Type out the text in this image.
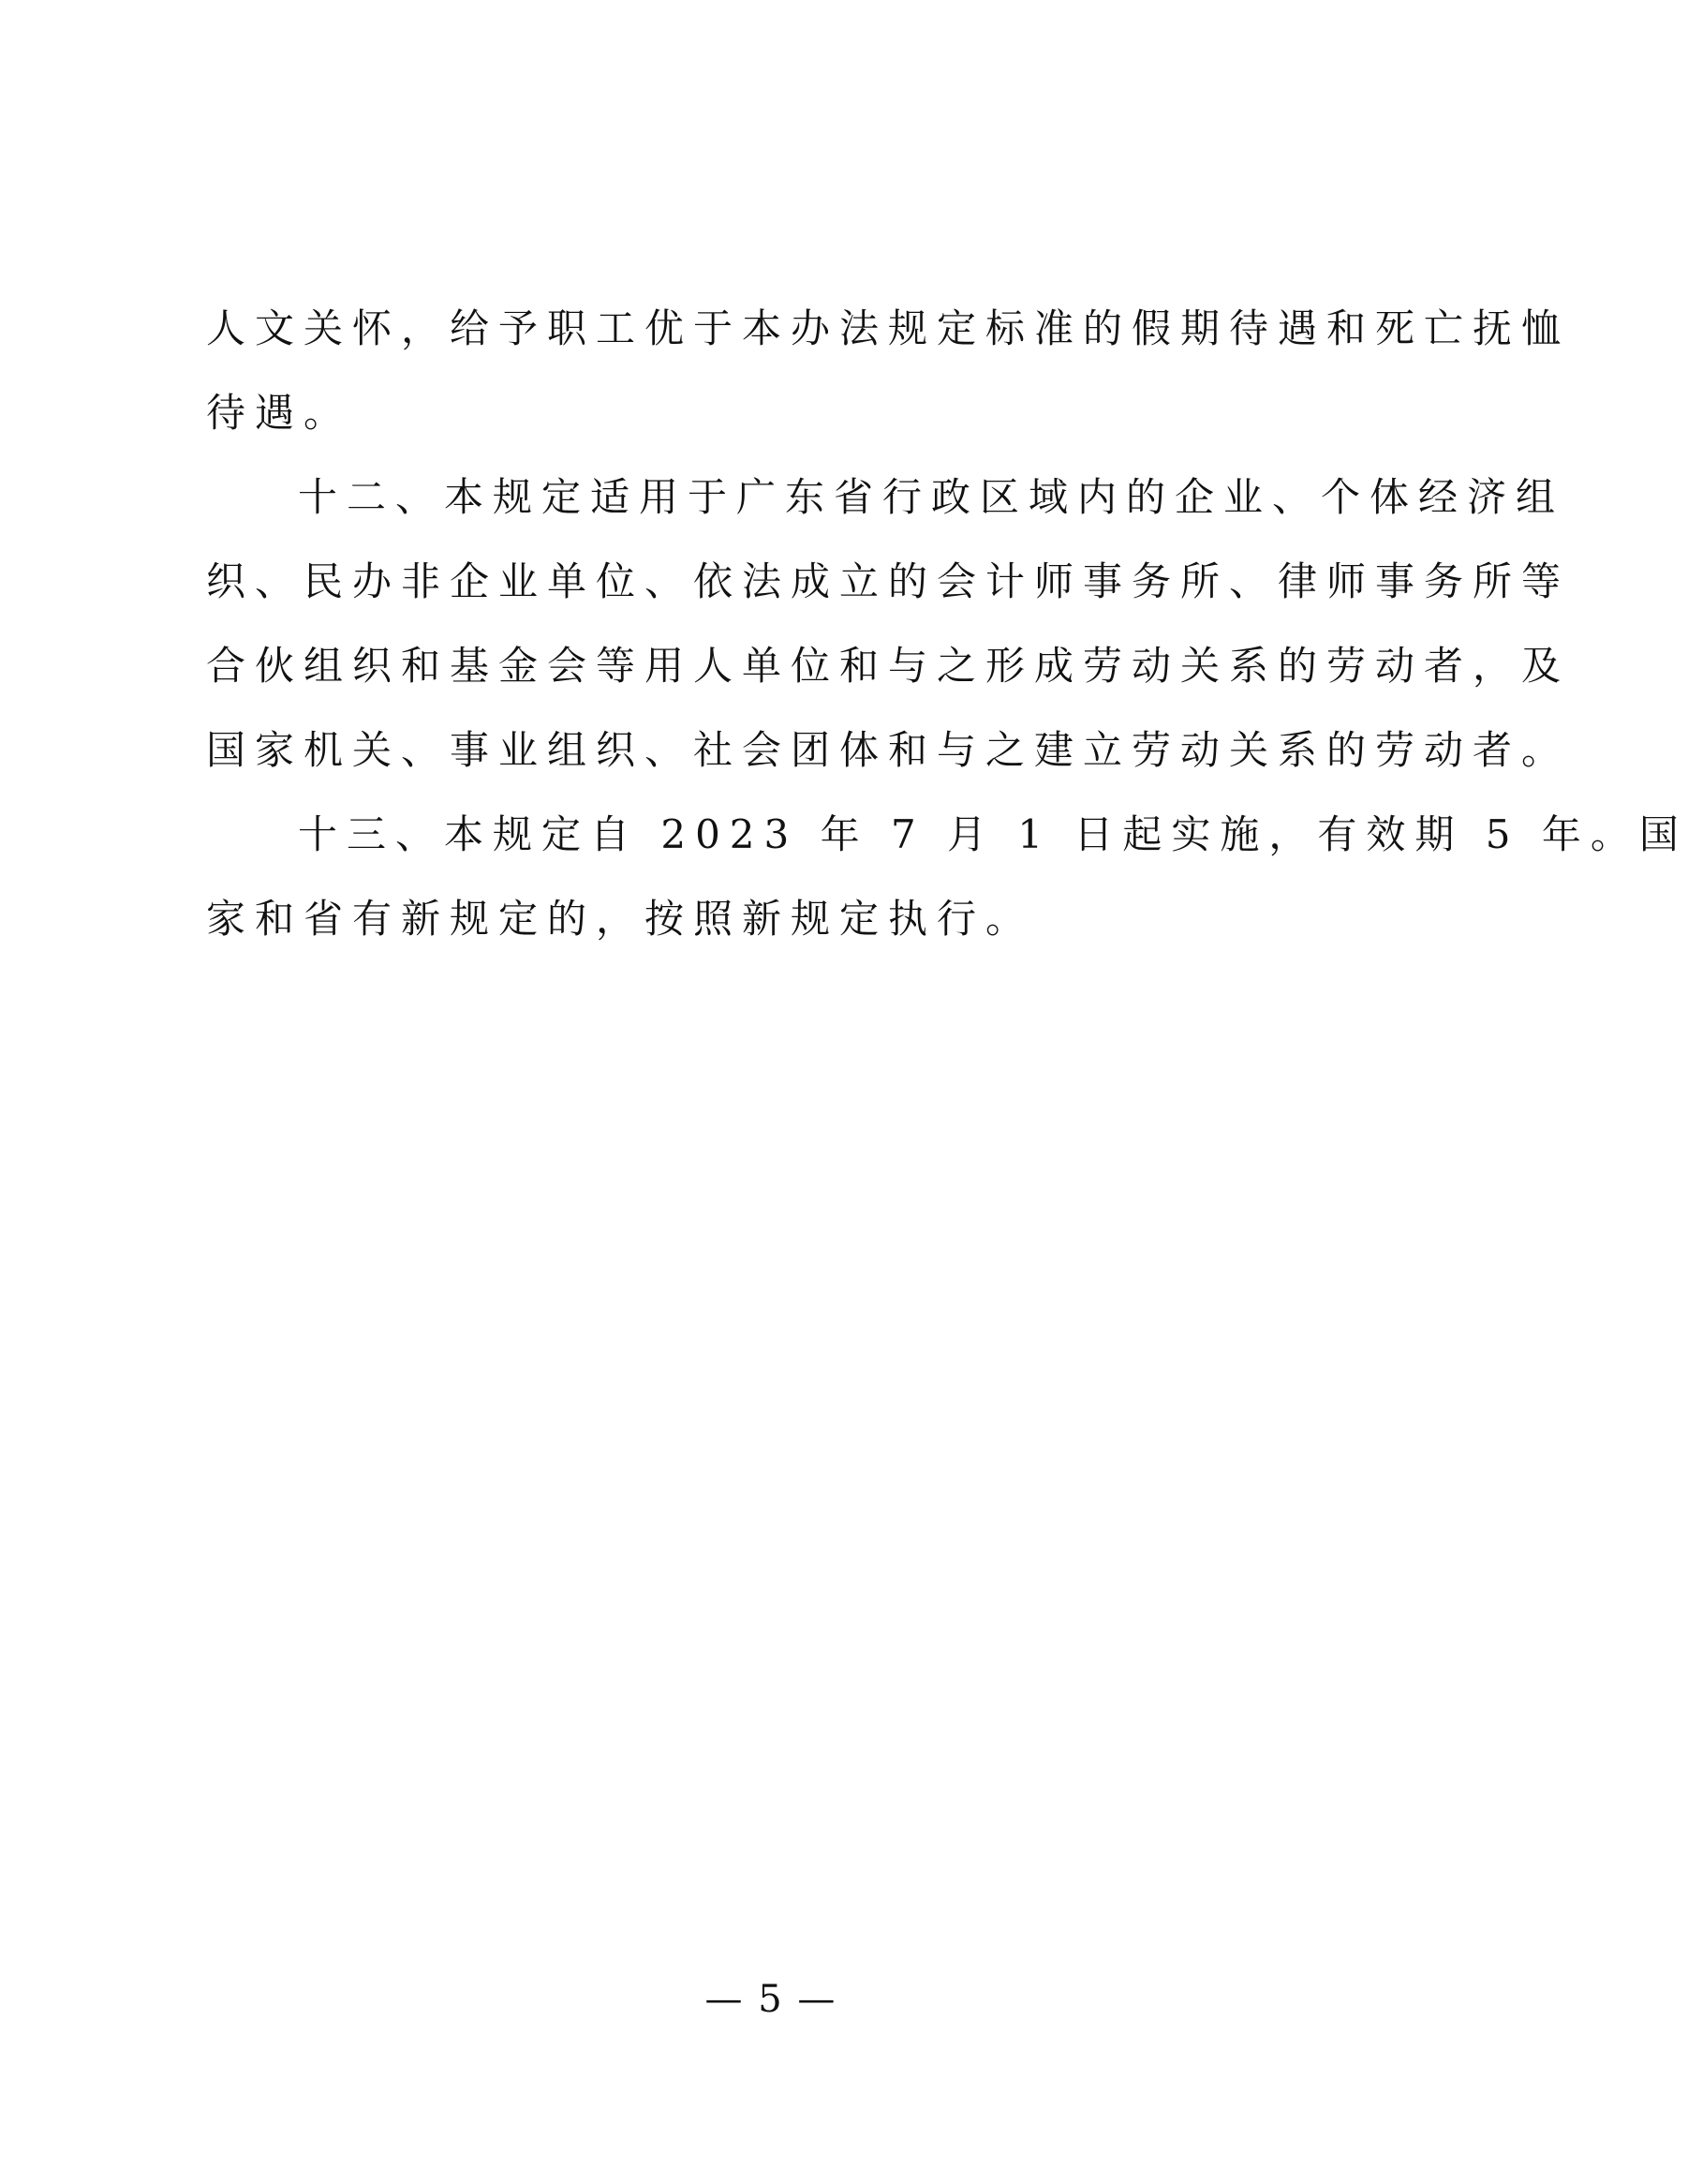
人文关怀，给予职工优于本办法规定标准的假期待遇和死亡抚恤
待遇。
十二、本规定适用于广东省行政区域内的企业、个体经济组
织、民办非企业单位、依法成立的会计师事务所、律师事务所等
合伙组织和基金会等用人单位和与之形成劳动关系的劳动者，及
国家机关、事业组织、社会团体和与之建立劳动关系的劳动者。
十三、本规定自 2023 年 7 月 1 日起实施，有效期 5 年。国
家和省有新规定的，按照新规定执行。
— 5 —
